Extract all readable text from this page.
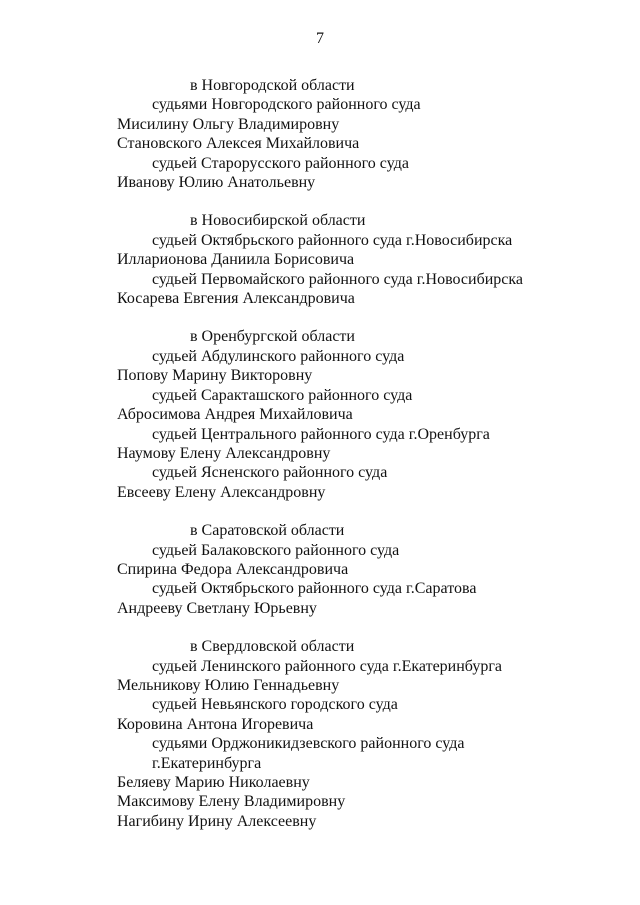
7
в Новгородской области
судьями Новгородского районного суда
Мисилину Ольгу Владимировну
Становского Алексея Михайловича
судьей Старорусского районного суда
Иванову Юлию Анатольевну
в Новосибирской области
судьей Октябрьского районного суда г.Новосибирска
Илларионова Даниила Борисовича
судьей Первомайского районного суда г.Новосибирска
Косарева Евгения Александровича
в Оренбургской области
судьей Абдулинского районного суда
Попову Марину Викторовну
судьей Саракташского районного суда
Абросимова Андрея Михайловича
судьей Центрального районного суда г.Оренбурга
Наумову Елену Александровну
судьей Ясненского районного суда
Евсееву Елену Александровну
в Саратовской области
судьей Балаковского районного суда
Спирина Федора Александровича
судьей Октябрьского районного суда г.Саратова
Андрееву Светлану Юрьевну
в Свердловской области
судьей Ленинского районного суда г.Екатеринбурга
Мельникову Юлию Геннадьевну
судьей Невьянского городского суда
Коровина Антона Игоревича
судьями Орджоникидзевского районного суда
г.Екатеринбурга
Беляеву Марию Николаевну
Максимову Елену Владимировну
Нагибину Ирину Алексеевну
